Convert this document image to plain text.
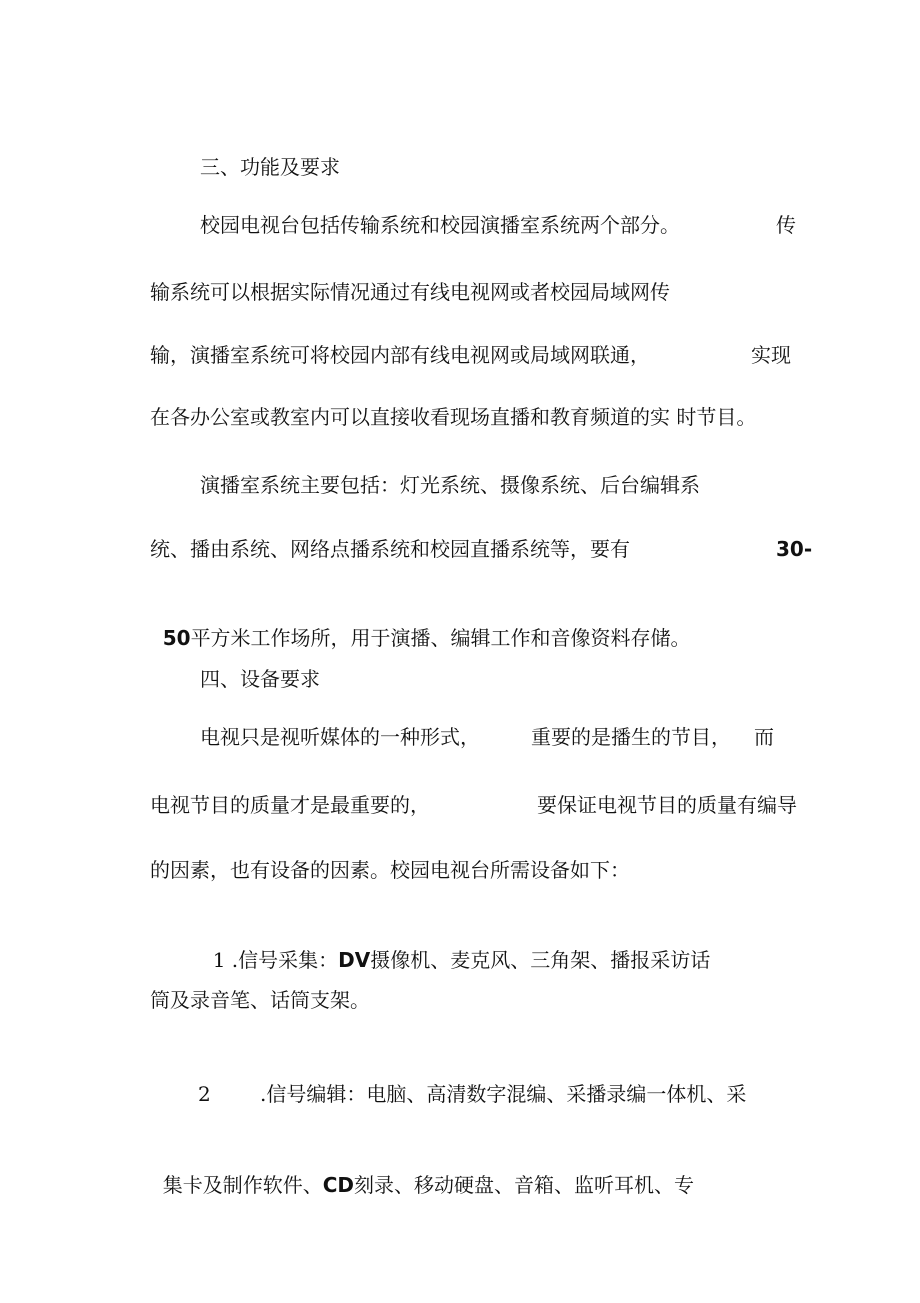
三、功能及要求
校园电视台包括传输系统和校园演播室系统两个部分。	传
输系统可以根据实际情况通过有线电视网或者校园局域网传
输，演播室系统可将校园内部有线电视网或局域网联通，	实现
在各办公室或教室内可以直接收看现场直播和教育频道的实 时节目。
演播室系统主要包括：灯光系统、摄像系统、后台编辑系
统、播由系统、网络点播系统和校园直播系统等，要有	30-

50平方米工作场所，用于演播、编辑工作和音像资料存储。

四、设备要求
电视只是视听媒体的一种形式，	重要的是播生的节目， 而
电视节目的质量才是最重要的，	要保证电视节目的质量有编导
的因素，也有设备的因素。校园电视台所需设备如下：

1 .信号采集：DV摄像机、麦克风、三角架、播报采访话

筒及录音笔、话筒支架。
2 .信号编辑：电脑、高清数字混编、采播录编一体机、采

集卡及制作软件、CD刻录、移动硬盘、音箱、监听耳机、专
